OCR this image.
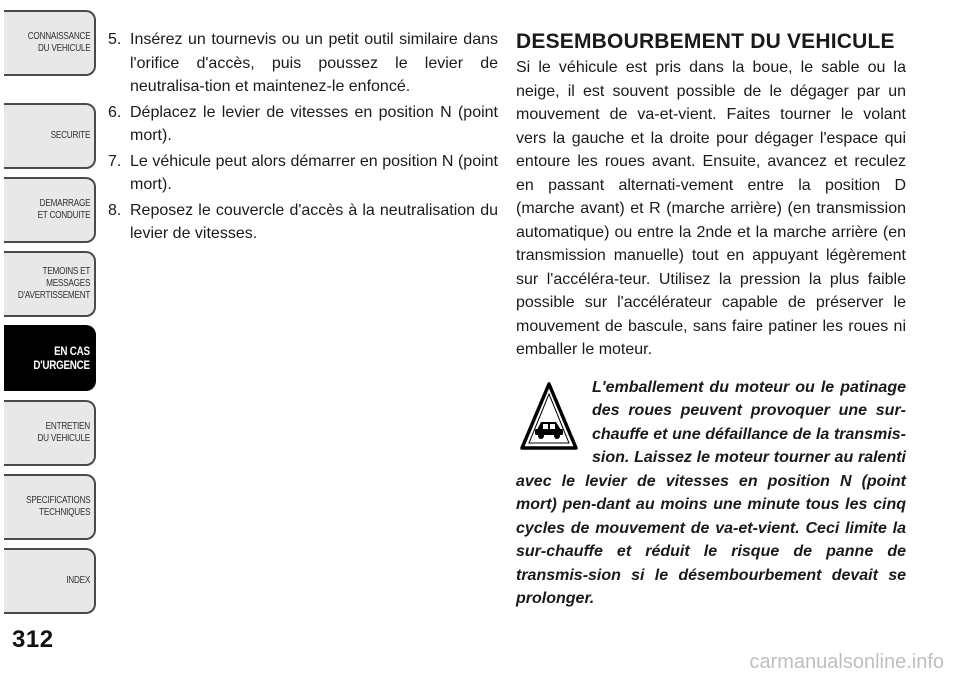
CONNAISSANCE
DU VEHICULE
SECURITE
DEMARRAGE
ET CONDUITE
TEMOINS ET
MESSAGES
D'AVERTISSEMENT
EN CAS
D'URGENCE
ENTRETIEN
DU VEHICULE
SPECIFICATIONS
TECHNIQUES
INDEX
312
5. Insérez un tournevis ou un petit outil similaire dans l'orifice d'accès, puis poussez le levier de neutralisa-tion et maintenez-le enfoncé.
6. Déplacez le levier de vitesses en position N (point mort).
7. Le véhicule peut alors démarrer en position N (point mort).
8. Reposez le couvercle d'accès à la neutralisation du levier de vitesses.
DESEMBOURBEMENT DU VEHICULE

Si le véhicule est pris dans la boue, le sable ou la neige, il est souvent possible de le dégager par un mouvement de va-et-vient. Faites tourner le volant vers la gauche et la droite pour dégager l'espace qui entoure les roues avant. Ensuite, avancez et reculez en passant alternati-vement entre la position D (marche avant) et R (marche arrière) (en transmission automatique) ou entre la 2nde et la marche arrière (en transmission manuelle) tout en appuyant légèrement sur l'accéléra-teur. Utilisez la pression la plus faible possible sur l'accélérateur capable de préserver le mouvement de bascule, sans faire patiner les roues ni emballer le moteur.

L'emballement du moteur ou le patinage des roues peuvent provoquer une sur-chauffe et une défaillance de la transmis-sion. Laissez le moteur tourner au ralenti avec le levier de vitesses en position N (point mort) pen-dant au moins une minute tous les cinq cycles de mouvement de va-et-vient. Ceci limite la sur-chauffe et réduit le risque de panne de transmis-sion si le désembourbement devait se prolonger.

carmanualsonline.info
